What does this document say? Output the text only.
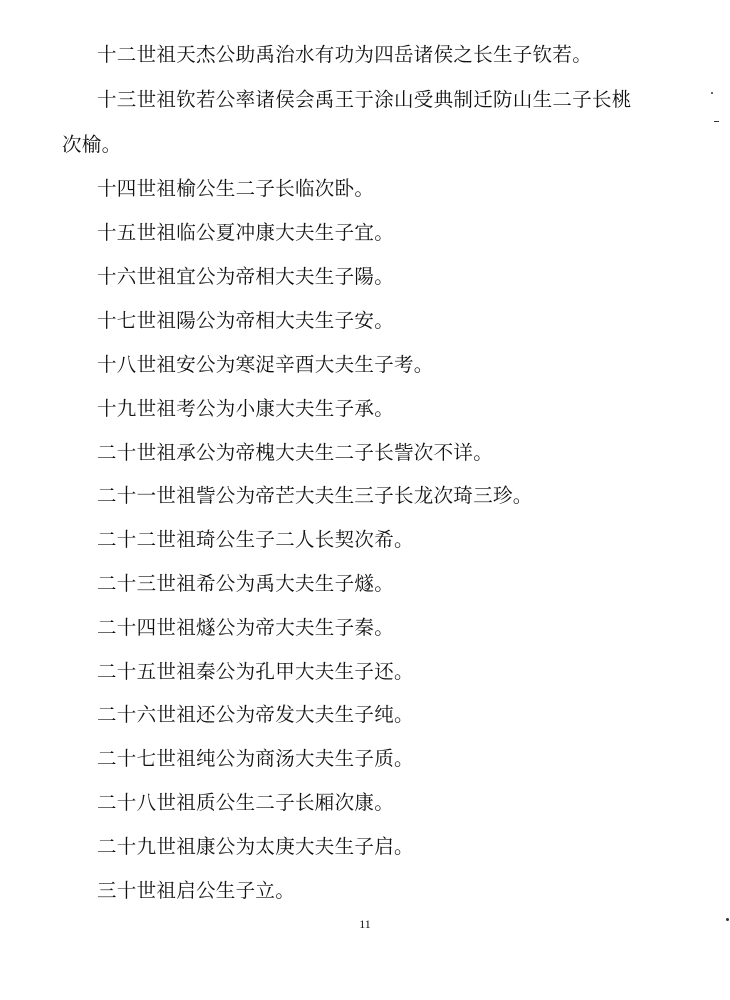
十二世祖天杰公助禹治水有功为四岳诸侯之长生子钦若。
十三世祖钦若公率诸侯会禹王于涂山受典制迁防山生二子长桃
次榆。
十四世祖榆公生二子长临次卧。
十五世祖临公夏冲康大夫生子宜。
十六世祖宜公为帝相大夫生子陽。
十七世祖陽公为帝相大夫生子安。
十八世祖安公为寒浞辛酉大夫生子考。
十九世祖考公为小康大夫生子承。
二十世祖承公为帝槐大夫生二子长訾次不详。
二十一世祖訾公为帝芒大夫生三子长龙次琦三珍。
二十二世祖琦公生子二人长契次希。
二十三世祖希公为禹大夫生子燧。
二十四世祖燧公为帝大夫生子秦。
二十五世祖秦公为孔甲大夫生子还。
二十六世祖还公为帝发大夫生子纯。
二十七世祖纯公为商汤大夫生子质。
二十八世祖质公生二子长厢次康。
二十九世祖康公为太庚大夫生子启。
三十世祖启公生子立。
11
